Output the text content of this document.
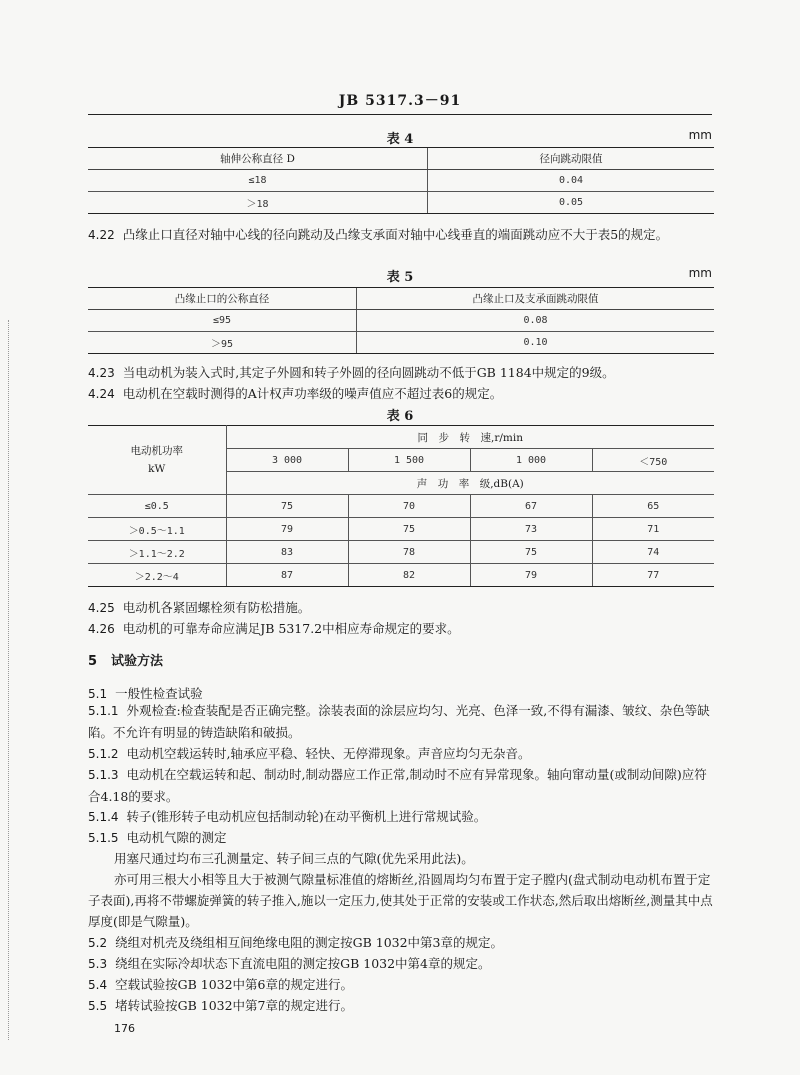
JB 5317.3－91
表 4	mm
轴伸公称直径 D	径向跳动限值
≤18	0.04
＞18	0.05
4.22 凸缘止口直径对轴中心线的径向跳动及凸缘支承面对轴中心线垂直的端面跳动应不大于表5的规定。
表 5	mm
凸缘止口的公称直径	凸缘止口及支承面跳动限值
≤95	0.08
＞95	0.10
4.23 当电动机为装入式时,其定子外圆和转子外圆的径向圆跳动不低于GB 1184中规定的9级。
4.24 电动机在空载时测得的A计权声功率级的噪声值应不超过表6的规定。
表 6
电动机功率
kW	同　步　转　速,r/min			
	3 000	1 500	1 000	＜750
	声　功　率　级,dB(A)			
≤0.5	75	70	67	65
＞0.5～1.1	79	75	73	71
＞1.1～2.2	83	78	75	74
＞2.2～4	87	82	79	77
4.25 电动机各紧固螺栓须有防松措施。
4.26 电动机的可靠寿命应满足JB 5317.2中相应寿命规定的要求。
5 试验方法
5.1 一般性检查试验
5.1.1 外观检查:检查装配是否正确完整。涂装表面的涂层应均匀、光亮、色泽一致,不得有漏漆、皱纹、杂色等缺陷。不允许有明显的铸造缺陷和破损。
5.1.2 电动机空载运转时,轴承应平稳、轻快、无停滞现象。声音应均匀无杂音。
5.1.3 电动机在空载运转和起、制动时,制动器应工作正常,制动时不应有异常现象。轴向窜动量(或制动间隙)应符合4.18的要求。
5.1.4 转子(锥形转子电动机应包括制动轮)在动平衡机上进行常规试验。
5.1.5 电动机气隙的测定
用塞尺通过均布三孔测量定、转子间三点的气隙(优先采用此法)。
亦可用三根大小相等且大于被测气隙量标准值的熔断丝,沿圆周均匀布置于定子膛内(盘式制动电动机布置于定子表面),再将不带螺旋弹簧的转子推入,施以一定压力,使其处于正常的安装或工作状态,然后取出熔断丝,测量其中点厚度(即是气隙量)。
5.2 绕组对机壳及绕组相互间绝缘电阻的测定按GB 1032中第3章的规定。
5.3 绕组在实际冷却状态下直流电阻的测定按GB 1032中第4章的规定。
5.4 空载试验按GB 1032中第6章的规定进行。
5.5 堵转试验按GB 1032中第7章的规定进行。
176
